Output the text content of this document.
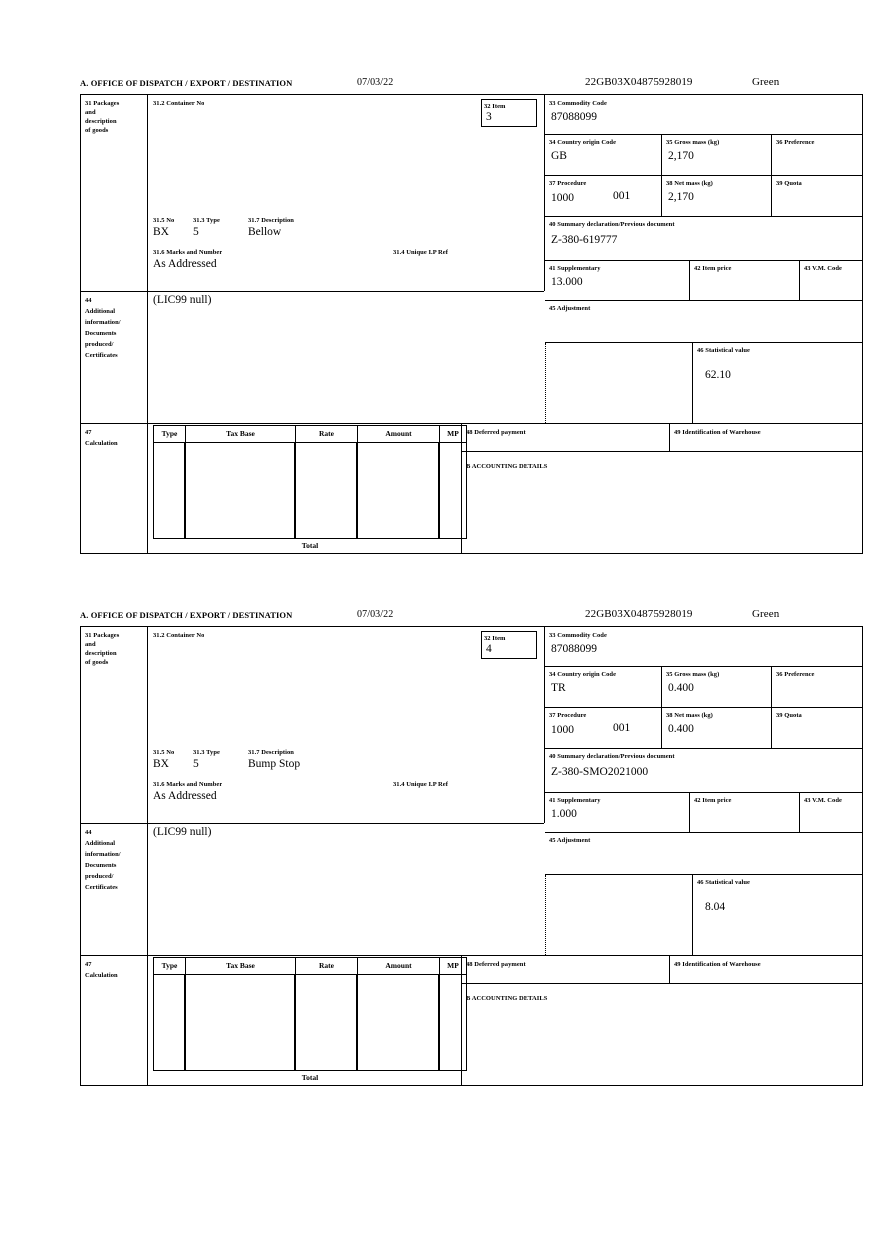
A. OFFICE OF DISPATCH / EXPORT / DESTINATION	07/03/22	22GB03X04875928019	Green
31 Packages
and
description
of goods
31.2 Container No
31.5 No	31.3 Type	31.7 Description
BX 5	Bellow
31.6 Marks and Number	31.4 Unique I.P Ref
As Addressed
32 Item
3
33 Commodity Code
87088099
34 Country origin Code
GB
35 Gross mass (kg)
2,170
36 Preference
37 Procedure
1000	001
38 Net mass (kg)
2,170
39 Quota
40 Summary declaration/Previous document
Z-380-619777
41 Supplementary
13.000
42 Item price	43 V.M. Code
45 Adjustment
46 Statistical value
62.10
44
Additional
information/
Documents
produced/
Certificates
(LIC99 null)
47
Calculation
Type	Tax Base	Rate	Amount	MP
Total
48 Deferred payment	49 Identification of Warehouse
B ACCOUNTING DETAILS
A. OFFICE OF DISPATCH / EXPORT / DESTINATION	07/03/22	22GB03X04875928019	Green
31 Packages
and
description
of goods
31.2 Container No
31.5 No	31.3 Type	31.7 Description
BX 5	Bump Stop
31.6 Marks and Number	31.4 Unique I.P Ref
As Addressed
32 Item
4
33 Commodity Code
87088099
34 Country origin Code
TR
35 Gross mass (kg)
0.400
36 Preference
37 Procedure
1000	001
38 Net mass (kg)
0.400
39 Quota
40 Summary declaration/Previous document
Z-380-SMO2021000
41 Supplementary
1.000
42 Item price	43 V.M. Code
45 Adjustment
46 Statistical value
8.04
44
Additional
information/
Documents
produced/
Certificates
(LIC99 null)
47
Calculation
Type	Tax Base	Rate	Amount	MP
Total
48 Deferred payment	49 Identification of Warehouse
B ACCOUNTING DETAILS
